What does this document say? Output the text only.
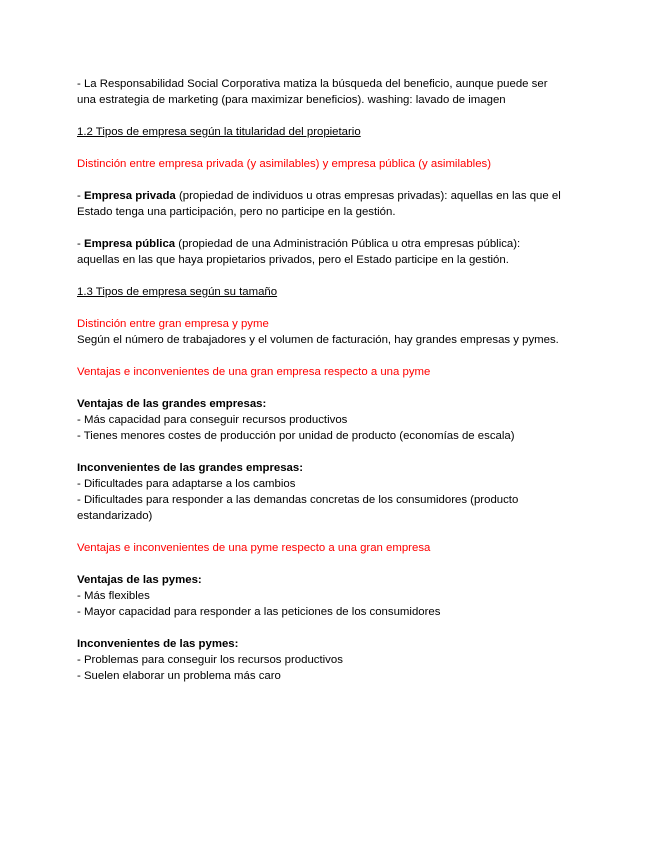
- La Responsabilidad Social Corporativa matiza la búsqueda del beneficio, aunque puede ser
una estrategia de marketing (para maximizar beneficios). washing: lavado de imagen
1.2 Tipos de empresa según la titularidad del propietario
Distinción entre empresa privada (y asimilables) y empresa pública (y asimilables)
- Empresa privada (propiedad de individuos u otras empresas privadas): aquellas en las que el
Estado tenga una participación, pero no participe en la gestión.
- Empresa pública (propiedad de una Administración Pública u otra empresas pública):
aquellas en las que haya propietarios privados, pero el Estado participe en la gestión.
1.3 Tipos de empresa según su tamaño
Distinción entre gran empresa y pyme
Según el número de trabajadores y el volumen de facturación, hay grandes empresas y pymes.
Ventajas e inconvenientes de una gran empresa respecto a una pyme
Ventajas de las grandes empresas:
- Más capacidad para conseguir recursos productivos
- Tienes menores costes de producción por unidad de producto (economías de escala)
Inconvenientes de las grandes empresas:
- Dificultades para adaptarse a los cambios
- Dificultades para responder a las demandas concretas de los consumidores (producto
estandarizado)
Ventajas e inconvenientes de una pyme respecto a una gran empresa
Ventajas de las pymes:
- Más flexibles
- Mayor capacidad para responder a las peticiones de los consumidores
Inconvenientes de las pymes:
- Problemas para conseguir los recursos productivos
- Suelen elaborar un problema más caro
